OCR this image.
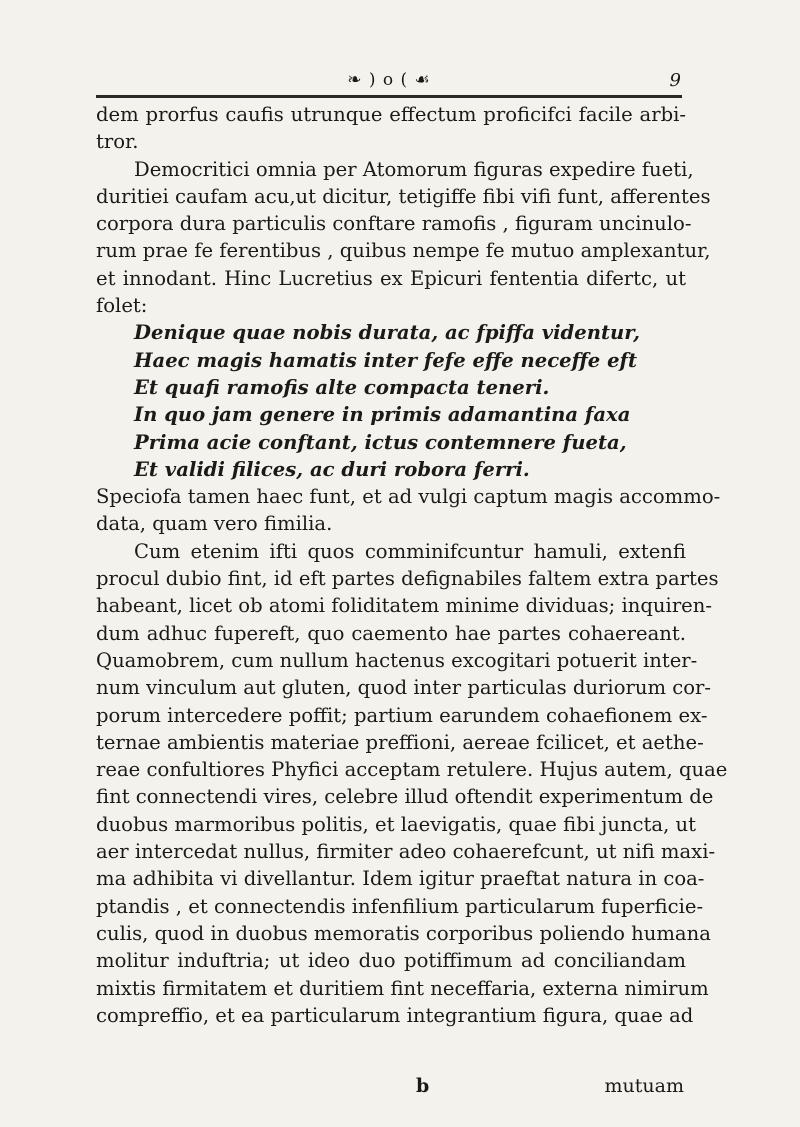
❧ ) o ( ☙	9
dem prorfus caufis utrunque effectum proficifci facile arbi-
tror.
Democritici omnia per Atomorum figuras expedire fueti,
duritiei caufam acu,ut dicitur, tetigiffe fibi vifi funt, afferentes
corpora dura particulis conftare ramofis , figuram uncinulo-
rum prae fe ferentibus , quibus nempe fe mutuo amplexantur,
et innodant. Hinc Lucretius ex Epicuri fententia difertc, ut
folet:
Denique quae nobis durata, ac fpiffa videntur,
Haec magis hamatis inter fefe effe neceffe eft
Et quafi ramofis alte compacta teneri.
In quo jam genere in primis adamantina faxa
Prima acie conftant, ictus contemnere fueta,
Et validi filices, ac duri robora ferri.
Speciofa tamen haec funt, et ad vulgi captum magis accommo-
data, quam vero fimilia.
Cum etenim ifti quos comminifcuntur hamuli, extenfi
procul dubio fint, id eft partes defignabiles faltem extra partes
habeant, licet ob atomi foliditatem minime dividuas; inquiren-
dum adhuc fupereft, quo caemento hae partes cohaereant.
Quamobrem, cum nullum hactenus excogitari potuerit inter-
num vinculum aut gluten, quod inter particulas duriorum cor-
porum intercedere poffit; partium earundem cohaefionem ex-
ternae ambientis materiae preffioni, aereae fcilicet, et aethe-
reae confultiores Phyfici acceptam retulere. Hujus autem, quae
fint connectendi vires, celebre illud oftendit experimentum de
duobus marmoribus politis, et laevigatis, quae fibi juncta, ut
aer intercedat nullus, firmiter adeo cohaerefcunt, ut nifi maxi-
ma adhibita vi divellantur. Idem igitur praeftat natura in coa-
ptandis , et connectendis infenfilium particularum fuperficie-
culis, quod in duobus memoratis corporibus poliendo humana
molitur induftria; ut ideo duo potiffimum ad conciliandam
mixtis firmitatem et duritiem fint neceffaria, externa nimirum
compreffio, et ea particularum integrantium figura, quae ad
b	mutuam
